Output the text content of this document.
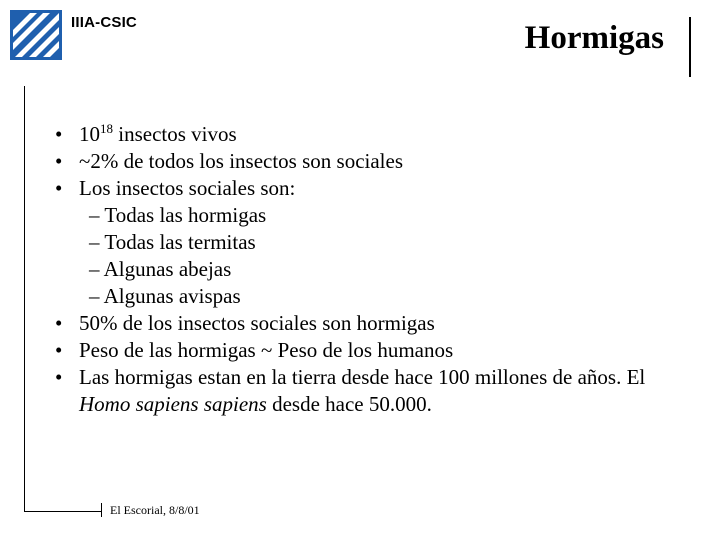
IIIA-CSIC	Hormigas
El Escorial, 8/8/01
• $10^{18}$ insectos vivos
• ~2% de todos los insectos son sociales
• Los insectos sociales son:
– Todas las hormigas
– Todas las termitas
– Algunas abejas
– Algunas avispas
• 50% de los insectos sociales son hormigas
• Peso de las hormigas ~ Peso de los humanos
• Las hormigas estan en la tierra desde hace 100 millones de años. El Homo sapiens sapiens desde hace 50.000.
